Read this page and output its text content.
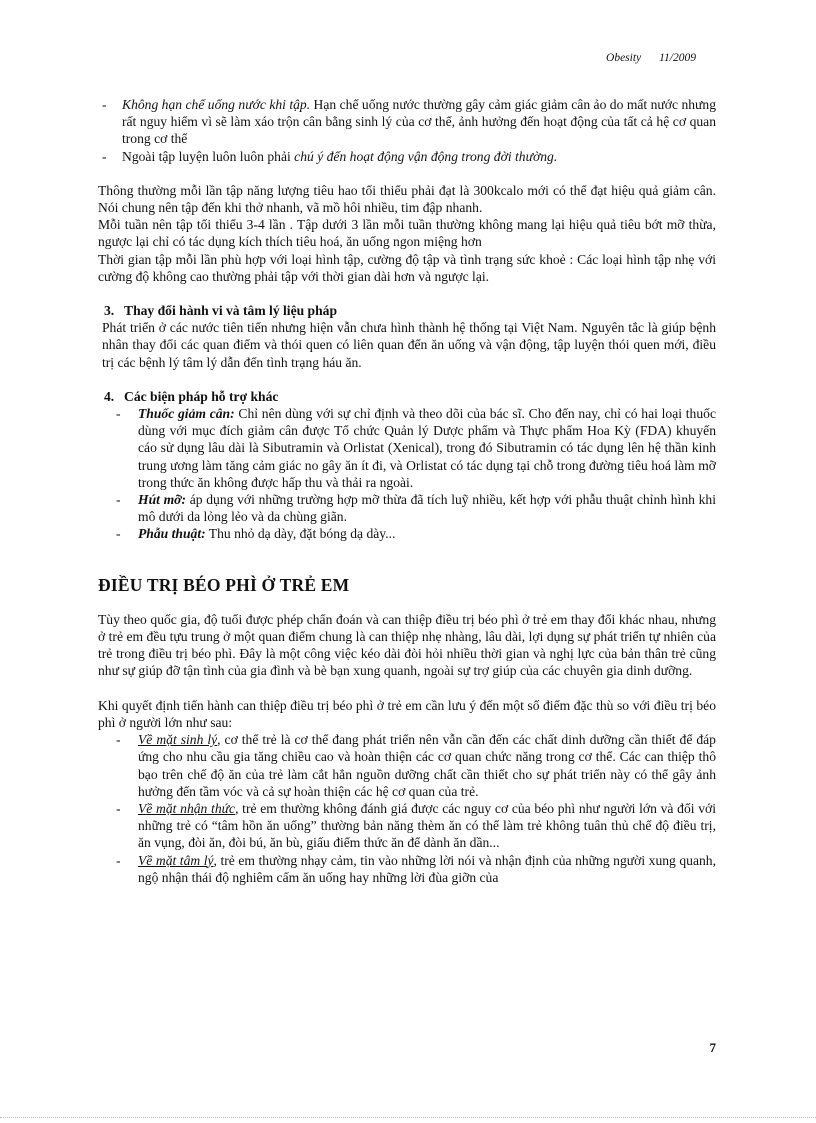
Obesity 11/2009
- Không hạn chế uống nước khi tập. Hạn chế uống nước thường gây cảm giác giảm cân ảo do mất nước nhưng rất nguy hiểm vì sẽ làm xáo trộn cân bằng sinh lý của cơ thể, ảnh hưởng đến hoạt động của tất cả hệ cơ quan trong cơ thể
- Ngoài tập luyện luôn luôn phải chú ý đến hoạt động vận động trong đời thường.

Thông thường mỗi lần tập năng lượng tiêu hao tối thiểu phải đạt là 300kcalo mới có thể đạt hiệu quả giảm cân. Nói chung nên tập đến khi thở nhanh, vã mồ hôi nhiều, tim đập nhanh.

Mỗi tuần nên tập tối thiểu 3-4 lần . Tập dưới 3 lần mỗi tuần thường không mang lại hiệu quả tiêu bớt mỡ thừa, ngược lại chỉ có tác dụng kích thích tiêu hoá, ăn uống ngon miệng hơn

Thời gian tập mỗi lần phù hợp với loại hình tập, cường độ tập và tình trạng sức khoẻ : Các loại hình tập nhẹ với cường độ không cao thường phải tập với thời gian dài hơn và ngược lại.

3. Thay đổi hành vi và tâm lý liệu pháp

Phát triển ở các nước tiên tiến nhưng hiện vẫn chưa hình thành hệ thống tại Việt Nam. Nguyên tắc là giúp bệnh nhân thay đổi các quan điểm và thói quen có liên quan đến ăn uống và vận động, tập luyện thói quen mới, điều trị các bệnh lý tâm lý dẫn đến tình trạng háu ăn.

4. Các biện pháp hỗ trợ khác
- Thuốc giảm cân: Chỉ nên dùng với sự chỉ định và theo dõi của bác sĩ. Cho đến nay, chỉ có hai loại thuốc dùng với mục đích giảm cân được Tổ chức Quản lý Dược phẩm và Thực phẩm Hoa Kỳ (FDA) khuyến cáo sử dụng lâu dài là Sibutramin và Orlistat (Xenical), trong đó Sibutramin có tác dụng lên hệ thần kinh trung ương làm tăng cảm giác no gây ăn ít đi, và Orlistat có tác dụng tại chỗ trong đường tiêu hoá làm mỡ trong thức ăn không được hấp thu và thải ra ngoài.
- Hút mỡ: áp dụng với những trường hợp mỡ thừa đã tích luỹ nhiều, kết hợp với phẫu thuật chỉnh hình khi mô dưới da lỏng lẻo và da chùng giãn.
- Phẫu thuật: Thu nhỏ dạ dày, đặt bóng dạ dày...
ĐIỀU TRỊ BÉO PHÌ Ở TRẺ EM

Tùy theo quốc gia, độ tuổi được phép chẩn đoán và can thiệp điều trị béo phì ở trẻ em thay đổi khác nhau, nhưng ở trẻ em đều tựu trung ở một quan điểm chung là can thiệp nhẹ nhàng, lâu dài, lợi dụng sự phát triển tự nhiên của trẻ trong điều trị béo phì. Đây là một công việc kéo dài đòi hỏi nhiều thời gian và nghị lực của bản thân trẻ cũng như sự giúp đỡ tận tình của gia đình và bè bạn xung quanh, ngoài sự trợ giúp của các chuyên gia dinh dưỡng.

Khi quyết định tiến hành can thiệp điều trị béo phì ở trẻ em cần lưu ý đến một số điểm đặc thù so với điều trị béo phì ở người lớn như sau:

- Về mặt sinh lý, cơ thể trẻ là cơ thể đang phát triển nên vẫn cần đến các chất dinh dưỡng cần thiết để đáp ứng cho nhu cầu gia tăng chiều cao và hoàn thiện các cơ quan chức năng trong cơ thể. Các can thiệp thô bạo trên chế độ ăn của trẻ làm cắt hẳn nguồn dưỡng chất cần thiết cho sự phát triển này có thể gây ảnh hưởng đến tầm vóc và cả sự hoàn thiện các hệ cơ quan của trẻ.
- Về mặt nhận thức, trẻ em thường không đánh giá được các nguy cơ của béo phì như người lớn và đối với những trẻ có “tâm hồn ăn uống” thường bản năng thèm ăn có thể làm trẻ không tuân thủ chế độ điều trị, ăn vụng, đòi ăn, đòi bú, ăn bù, giấu điểm thức ăn để dành ăn dần...
- Về mặt tâm lý, trẻ em thường nhạy cảm, tin vào những lời nói và nhận định của những người xung quanh, ngộ nhận thái độ nghiêm cấm ăn uống hay những lời đùa giỡn của
7
